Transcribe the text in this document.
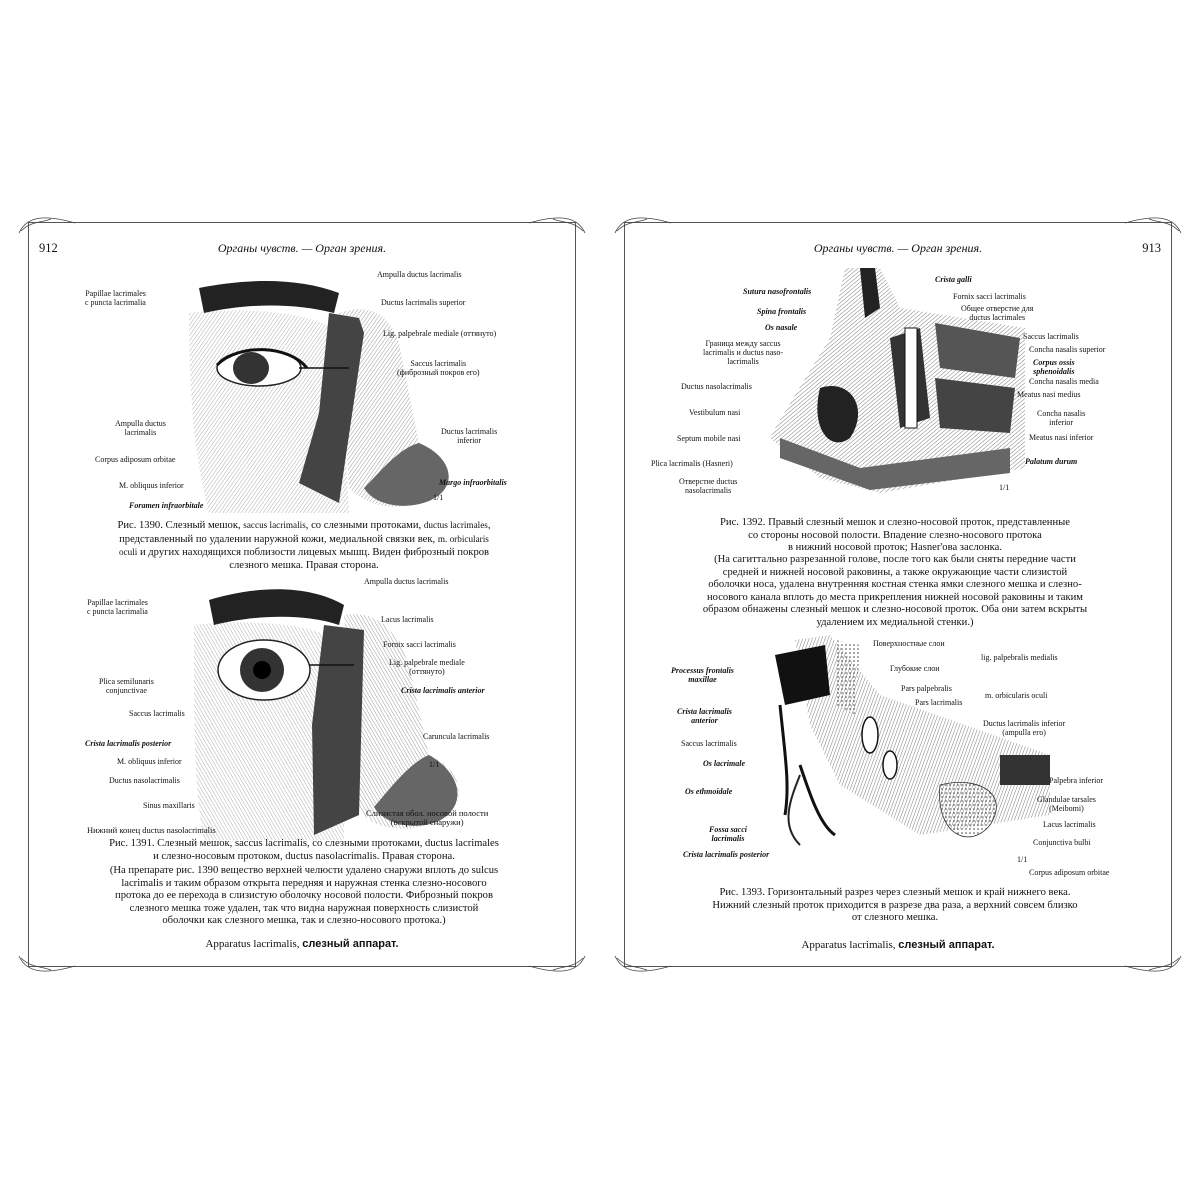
912	Органы чувств. — Орган зрения.
Papillae lacrimales
с puncta lacrimalia
Ampulla ductus lacrimalis
Ductus lacrimalis superior
Lig. palpebrale mediale (оттянуто)
Saccus lacrimalis
(фиброзный покров его)
Ampulla ductus
lacrimalis	Ductus lacrimalis
inferior
Corpus adiposum orbitae
M. obliquus inferior	Margo infraorbitalis
Foramen infraorbitale
1/1
Рис. 1390. Слезный мешок, saccus lacrimalis, со слезными протоками, ductus lacrimales,
представленный по удалении наружной кожи, медиальной связки век, m. orbicularis
oculi и других находящихся поблизости лицевых мышц. Виден фиброзный покров
слезного мешка. Правая сторона.
Ampulla ductus lacrimalis
Papillae lacrimales
с puncta lacrimalia
Lacus lacrimalis
Fornix sacci lacrimalis
Lig. palpebrale mediale
(оттянуто)
Plica semilunaris
conjunctivae	Crista lacrimalis anterior
Saccus lacrimalis
Caruncula lacrimalis
Crista lacrimalis posterior
M. obliquus inferior
Ductus nasolacrimalis
1/1
Sinus maxillaris
Слизистая обол. носовой полости
(вскрытой снаружи)
Нижний конец ductus nasolacrimalis
Рис. 1391. Слезный мешок, saccus lacrimalis, со слезными протоками, ductus lacrimales
и слезно-носовым протоком, ductus nasolacrimalis. Правая сторона.
(На препарате рис. 1390 вещество верхней челюсти удалено снаружи вплоть до sulcus
lacrimalis и таким образом открыта передняя и наружная стенка слезно-носового
протока до ее перехода в слизистую оболочку носовой полости. Фиброзный покров
слезного мешка тоже удален, так что видна наружная поверхность слизистой
оболочки как слезного мешка, так и слезно-носового протока.)
Apparatus lacrimalis, слезный аппарат.
Органы чувств. — Орган зрения.	913
Crista galli
Sutura nasofrontalis
Fornix sacci lacrimalis
Spina frontalis	Общее отверстие для
ductus lacrimales
Os nasale
Saccus lacrimalis
Граница между saccus
lacrimalis и ductus naso-
lacrimalis
Concha nasalis superior
Corpus ossis
sphenoidalis
Concha nasalis media
Ductus nasolacrimalis
Meatus nasi medius
Vestibulum nasi	Concha nasalis
inferior
Septum mobile nasi	Meatus nasi inferior
Plica lacrimalis (Hasneri)	Palatum durum
Отверстие ductus
nasolacrimalis	1/1
Рис. 1392. Правый слезный мешок и слезно-носовой проток, представленные
со стороны носовой полости. Впадение слезно-носового протока
в нижний носовой проток; Hasner'ова заслонка.
(На сагиттально разрезанной голове, после того как были сняты передние части
средней и нижней носовой раковины, а также окружающие части слизистой
оболочки носа, удалена внутренняя костная стенка ямки слезного мешка и слезно-
носового канала вплоть до места прикрепления нижней носовой раковины и таким
образом обнажены слезный мешок и слезно-носовой проток. Оба они затем вскрыты
удалением их медиальной стенки.)
Поверхностные слои
Глубокие слои
lig. palpebralis medialis
Processus frontalis
maxillae
Pars palpebralis
Pars lacrimalis
m. orbicularis oculi
Crista lacrimalis
anterior	Ductus lacrimalis inferior
(ampulla его)
Saccus lacrimalis
Os lacrimale
Palpebra inferior
Os ethmoidale
Glandulae tarsales
(Meibomi)
Lacus lacrimalis
Fossa sacci
lacrimalis	Conjunctiva bulbi
Crista lacrimalis posterior
1/1
Corpus adiposum orbitae
Рис. 1393. Горизонтальный разрез через слезный мешок и край нижнего века.
Нижний слезный проток приходится в разрезе два раза, а верхний совсем близко
от слезного мешка.
Apparatus lacrimalis, слезный аппарат.
